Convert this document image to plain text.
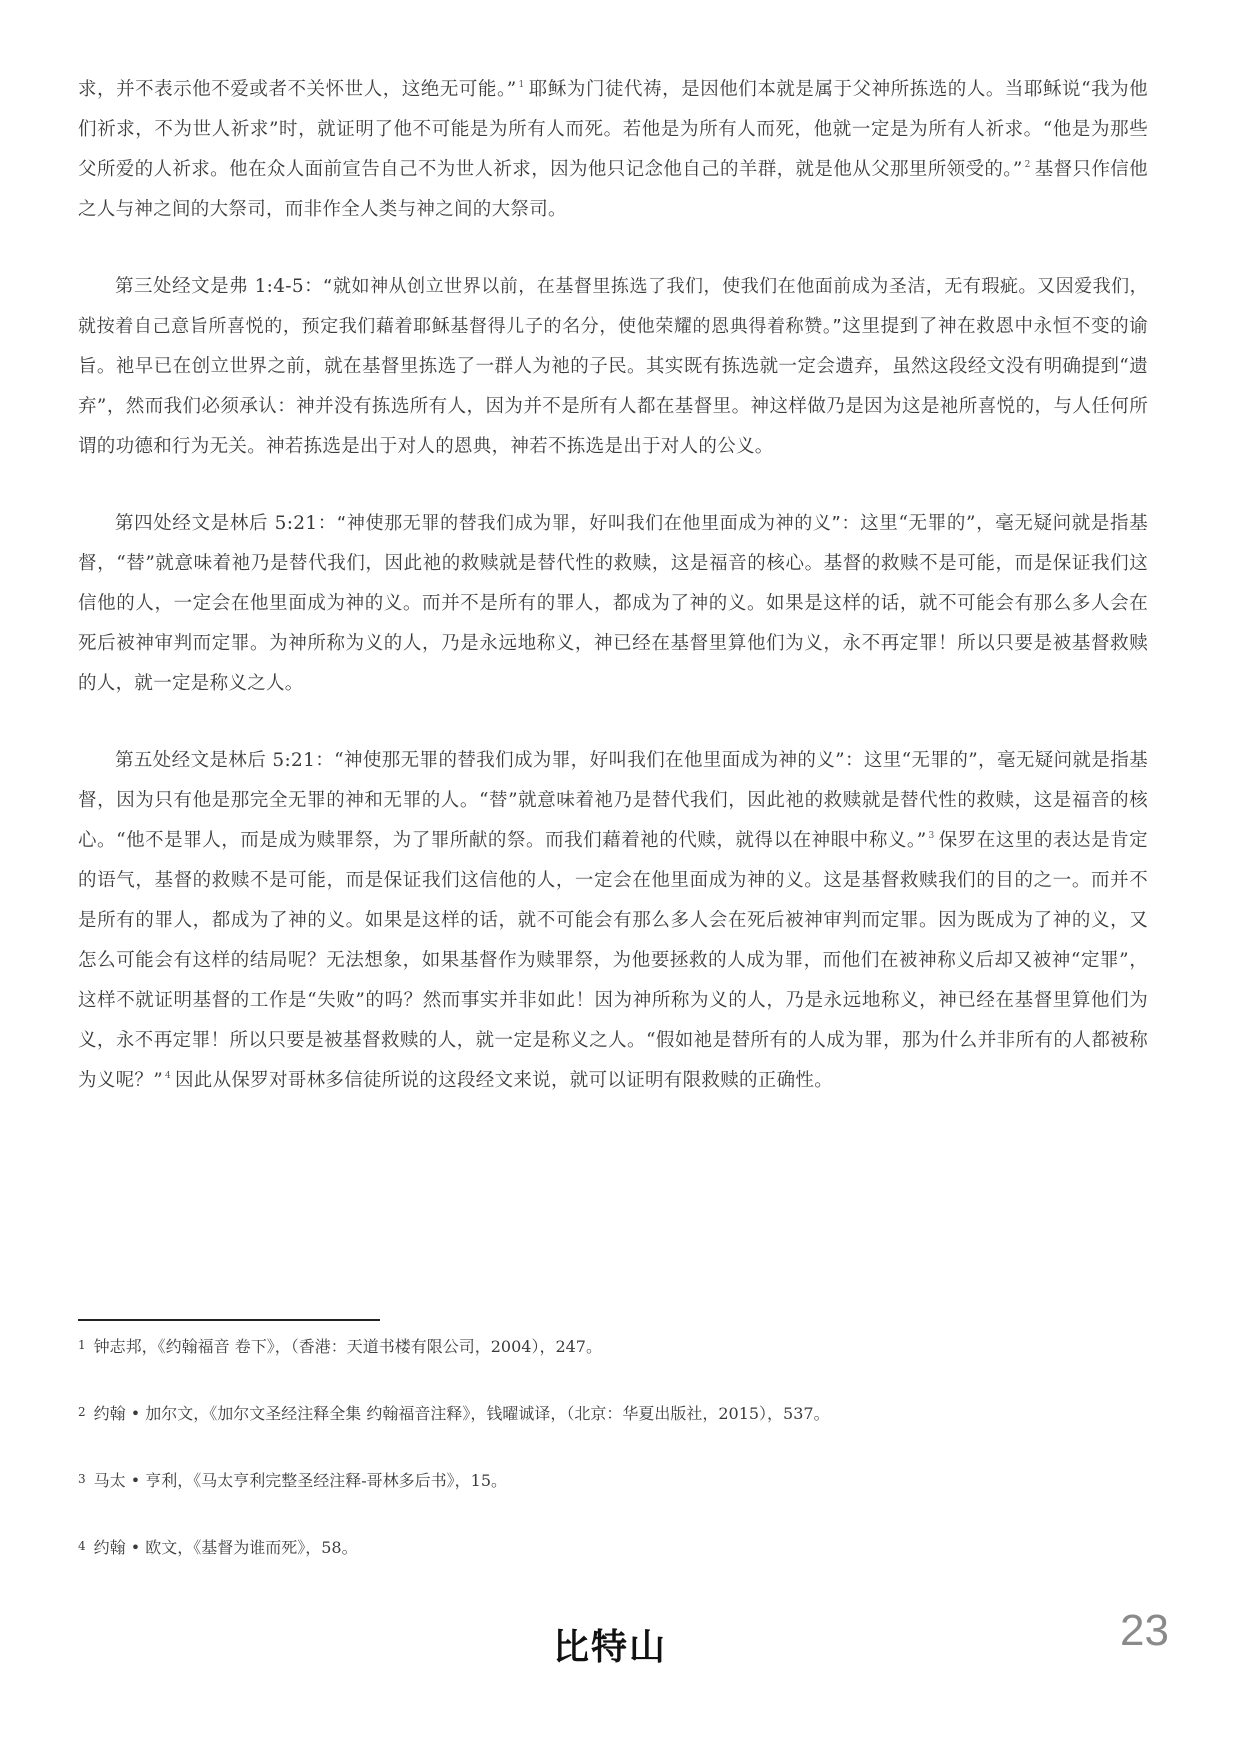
求，并不表示他不爱或者不关怀世人，这绝无可能。” $^1$ 耶稣为门徒代祷，是因他们本就是属于父神所拣选的人。当耶稣说“我为他们祈求，不为世人祈求”时，就证明了他不可能是为所有人而死。若他是为所有人而死，他就一定是为所有人祈求。“他是为那些父所爱的人祈求。他在众人面前宣告自己不为世人祈求，因为他只记念他自己的羊群，就是他从父那里所领受的。” $^2$ 基督只作信他之人与神之间的大祭司，而非作全人类与神之间的大祭司。

第三处经文是弗 1:4-5：“就如神从创立世界以前，在基督里拣选了我们，使我们在他面前成为圣洁，无有瑕疵。又因爱我们，就按着自己意旨所喜悦的，预定我们藉着耶稣基督得儿子的名分，使他荣耀的恩典得着称赞。”这里提到了神在救恩中永恒不变的谕旨。祂早已在创立世界之前，就在基督里拣选了一群人为祂的子民。其实既有拣选就一定会遗弃，虽然这段经文没有明确提到“遗弃”，然而我们必须承认：神并没有拣选所有人，因为并不是所有人都在基督里。神这样做乃是因为这是祂所喜悦的，与人任何所谓的功德和行为无关。神若拣选是出于对人的恩典，神若不拣选是出于对人的公义。

第四处经文是林后 5:21：“神使那无罪的替我们成为罪，好叫我们在他里面成为神的义”：这里“无罪的”，毫无疑问就是指基督，“替”就意味着祂乃是替代我们，因此祂的救赎就是替代性的救赎，这是福音的核心。基督的救赎不是可能，而是保证我们这信他的人，一定会在他里面成为神的义。而并不是所有的罪人，都成为了神的义。如果是这样的话，就不可能会有那么多人会在死后被神审判而定罪。为神所称为义的人，乃是永远地称义，神已经在基督里算他们为义，永不再定罪！所以只要是被基督救赎的人，就一定是称义之人。

第五处经文是林后 5:21：“神使那无罪的替我们成为罪，好叫我们在他里面成为神的义”：这里“无罪的”，毫无疑问就是指基督，因为只有他是那完全无罪的神和无罪的人。“替”就意味着祂乃是替代我们，因此祂的救赎就是替代性的救赎，这是福音的核心。“他不是罪人，而是成为赎罪祭，为了罪所献的祭。而我们藉着祂的代赎，就得以在神眼中称义。” $^3$ 保罗在这里的表达是肯定的语气，基督的救赎不是可能，而是保证我们这信他的人，一定会在他里面成为神的义。这是基督救赎我们的目的之一。而并不是所有的罪人，都成为了神的义。如果是这样的话，就不可能会有那么多人会在死后被神审判而定罪。因为既成为了神的义，又怎么可能会有这样的结局呢？无法想象，如果基督作为赎罪祭，为他要拯救的人成为罪，而他们在被神称义后却又被神“定罪”，这样不就证明基督的工作是“失败”的吗？然而事实并非如此！因为神所称为义的人，乃是永远地称义，神已经在基督里算他们为义，永不再定罪！所以只要是被基督救赎的人，就一定是称义之人。“假如祂是替所有的人成为罪，那为什么并非所有的人都被称为义呢？” $^4$ 因此从保罗对哥林多信徒所说的这段经文来说，就可以证明有限救赎的正确性。

1 钟志邦，《约翰福音 卷下》，（香港：天道书楼有限公司，2004），247。
2 约翰 • 加尔文，《加尔文圣经注释全集 约翰福音注释》，钱曜诚译，（北京：华夏出版社，2015），537。
3 马太 • 亨利，《马太亨利完整圣经注释-哥林多后书》，15。
4 约翰 • 欧文，《基督为谁而死》，58。
比特山	23
